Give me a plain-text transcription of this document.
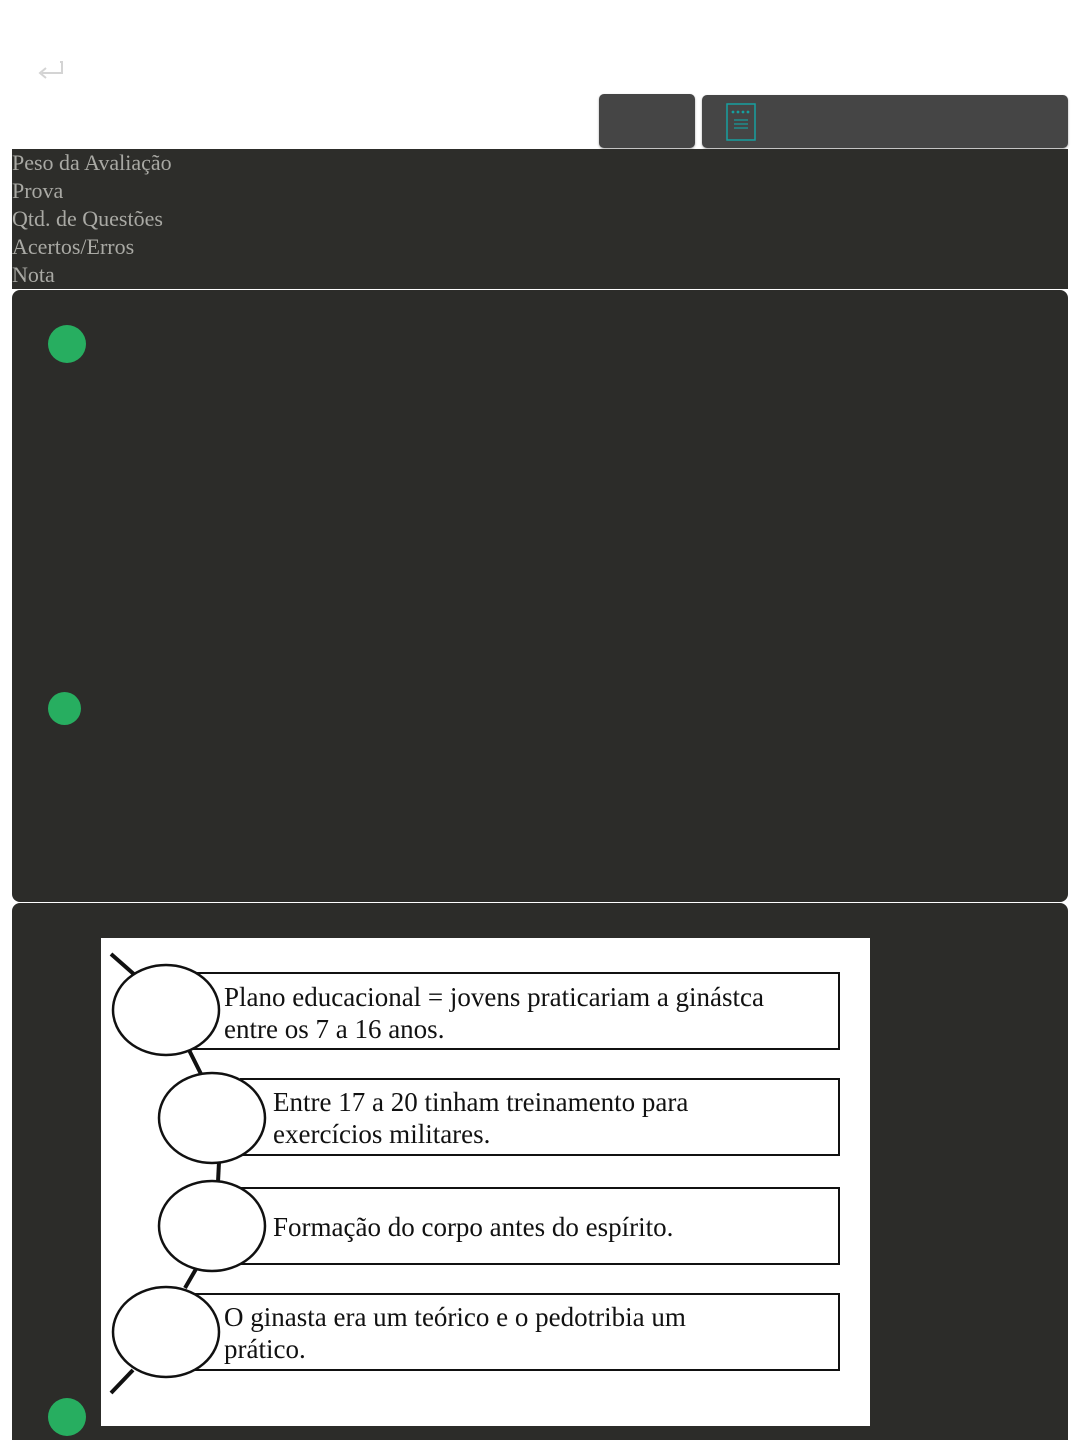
Peso da Avaliação
Prova
Qtd. de Questões
Acertos/Erros
Nota
Plano educacional = jovens praticariam a ginástca
entre os 7 a 16 anos.
Entre 17 a 20 tinham treinamento para
exercícios militares.
Formação do corpo antes do espírito.
O ginasta era um teórico e o pedotribia um
prático.
